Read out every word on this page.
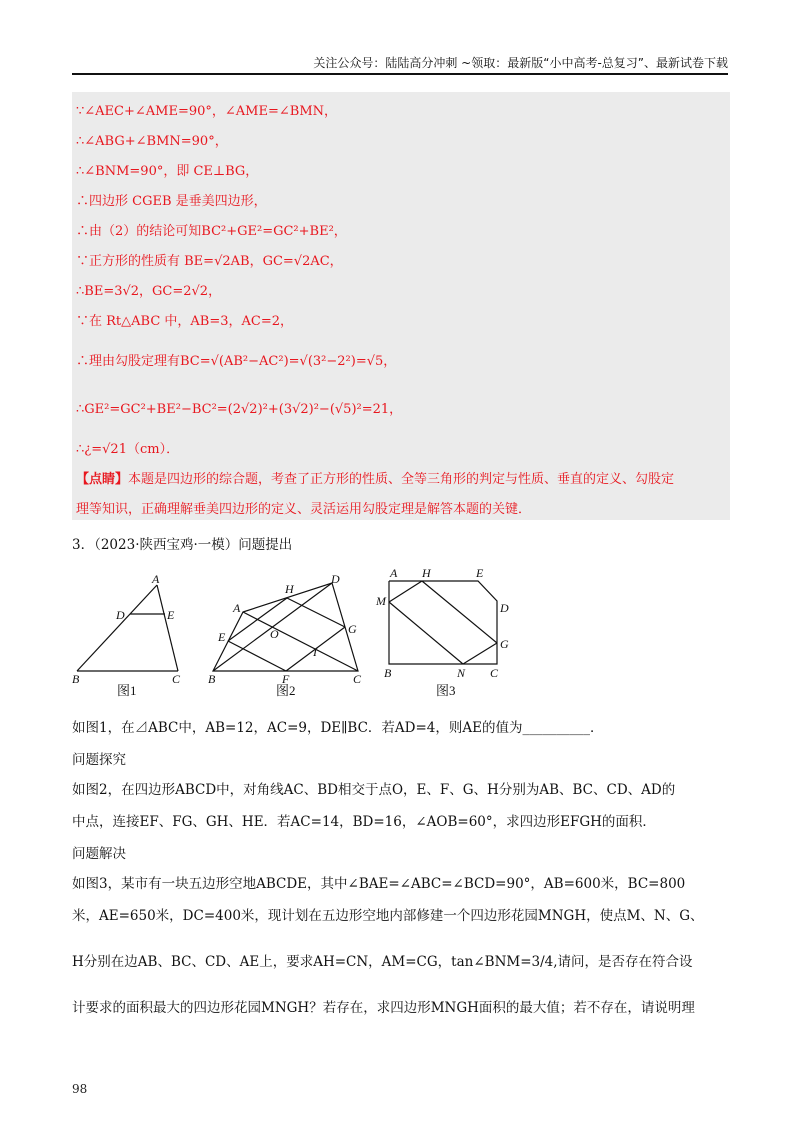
关注公众号：陆陆高分冲刺 ~领取：最新版“小中高考-总复习”、最新试卷下载
∵∠AEC+∠AME=90°，∠AME=∠BMN，
∴∠ABG+∠BMN=90°，
∴∠BNM=90°，即 CE⊥BG，
∴四边形 CGEB 是垂美四边形，
∴由（2）的结论可知BC²+GE²=GC²+BE²，
∵正方形的性质有 BE=√2AB，GC=√2AC，
∴BE=3√2，GC=2√2，
∵在 Rt△ABC 中，AB=3，AC=2，
∴理由勾股定理有BC=√(AB²−AC²)=√(3²−2²)=√5，
∴GE²=GC²+BE²−BC²=(2√2)²+(3√2)²−(√5)²=21，
∴¿=√21（cm）．
【点睛】本题是四边形的综合题，考查了正方形的性质、全等三角形的判定与性质、垂直的定义、勾股定
理等知识，正确理解垂美四边形的定义、灵活运用勾股定理是解答本题的关键．
3．（2023·陕西宝鸡·一模）问题提出
A
D	E
B	C
图1
H
D
A
G
E	O
I
B	F	C
图2
A H	E
M	D
G
B	N C
图3
如图1，在⊿ABC中，AB=12，AC=9，DE∥BC．若AD=4，则AE的值为__________．
问题探究
如图2，在四边形ABCD中，对角线AC、BD相交于点O，E、F、G、H分别为AB、BC、CD、AD的
中点，连接EF、FG、GH、HE．若AC=14，BD=16，∠AOB=60°，求四边形EFGH的面积．
问题解决
如图3，某市有一块五边形空地ABCDE，其中∠BAE=∠ABC=∠BCD=90°，AB=600米，BC=800
米，AE=650米，DC=400米，现计划在五边形空地内部修建一个四边形花园MNGH，使点M、N、G、
H分别在边AB、BC、CD、AE上，要求AH=CN，AM=CG，tan∠BNM=3/4,请问，是否存在符合设
计要求的面积最大的四边形花园MNGH？若存在，求四边形MNGH面积的最大值；若不存在，请说明理
98
